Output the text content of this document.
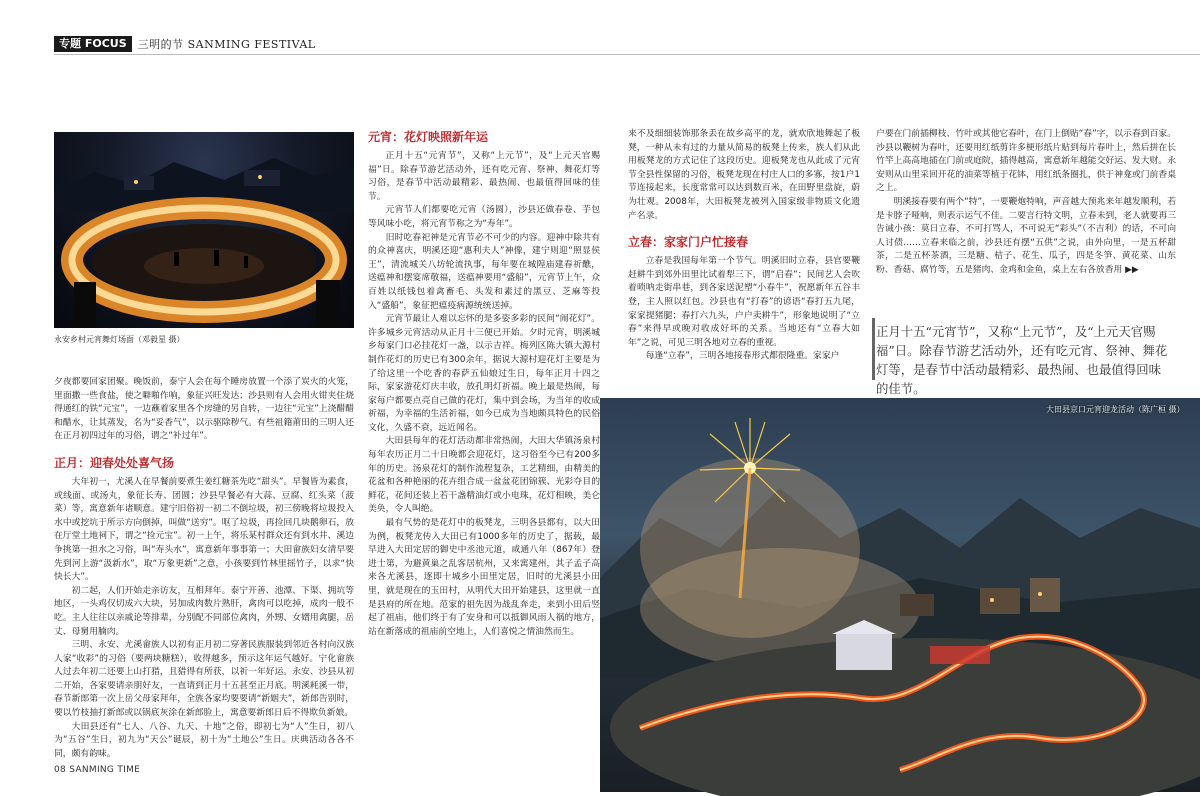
专题 FOCUS	三明的节 SANMING FESTIVAL
永安乡村元宵舞灯场面（邓毅星 摄）

夕夜都要回家团聚。晚饭前，泰宁人会在每个睡房放置一个添了炭火的火笼，里面撒一些食盐，使之噼啪作响，象征兴旺发达；沙县则有人会用火钳夹住烧得通红的铁“元宝”，一边蘸着家里各个房缝的另自转，一边往“元宝”上浇醋醋和醋水，让其蒸发，名为“妥香气”，以示驱除秽气。有些祖籍莆田的三明人还在正月初四过年的习俗，谓之“补过年”。

正月：迎春处处喜气扬

大年初一，尤溪人在早餐前要煮生姜红糖茶先吃“甜头”。早餐皆为素食，或线面、或汤丸，象征长寿、团圆；沙县早餐必有大蒜、豆腐、红头菜（菠菜）等，寓意新年诸顺意。建宁旧俗初一初二不倒垃圾，初三傍晚将垃圾投入水中或挖坑于所示方向倒掉，叫做“送穷”。呕了垃圾，再捡回几块鹅卵石，放在厅堂土地祠下，谓之“捡元宝”。初一上午，将乐某村群众还有到水井、溪边争挑第一担水之习俗，叫“寿头水”，寓意新年事事第一；大田畲族妇女清早要先到河上游“汲新水”，取“万象更新”之意，小孩要到竹林里摇竹子，以求“快快长大”。

初二起，人们开始走亲访友，互相拜年。泰宁开善、池潭、下渠、拥坑等地区，一头鸡仅切成六大块，另加成肉数片熟肝，禽肉可以吃掉，成肉一般不吃。主人往往以亲戚论等排辈，分别配不同部位禽肉，外甥、女婿用禽腿，岳丈、母舅用腩肉。

三明、永安、尤溪畲族人以初有正月初二穿著民族服装到邻近各村向汉族人家“收彩”的习俗（要两块糖糕），收得越多，预示这年运气越好。宁化畲族人过去年初二还要上山打猎，且猎得有所获，以祈一年好运。永安、沙县从初二开始，各家要请亲朋好友，一直请到正月十五甚至正月底。明溪耗溪一带，春节新郎第一次上岳父母家拜年，全族各家均要要请“新姻夫”，新郎告别时，要以竹枝抽打新郎或以锅底灰涂在新郎脸上，寓意要新郎日后不得欺负新娘。

大田县还有“七人、八谷、九天、十地”之俗，即初七为“人”生日，初八为“五谷”生日，初九为“天公”诞辰，初十为“土地公”生日。庆典活动各各不同，颇有韵味。

元宵：花灯映照新年运

正月十五“元宵节”，又称“上元节”，及“上元天官赐福”日。除春节游艺活动外，还有吃元宵、祭神、舞花灯等习俗，是春节中活动最精彩、最热闹、也最值得回味的佳节。

元宵节人们都要吃元宵（汤圆），沙县还做春卷、芋包等风味小吃，将元宵节称之为“寿年”。

旧时吃春祀神是元宵节必不可少的内容。迎神中除共有的众神喜庆，明溪还迎“惠利夫人”神像，建宁则迎“照显侯王”，清流城关八坊轮流执事，每年要在城隍庙建春祈醮，送瘟神和摆宴席敬福，送瘟神要用“盛船”，元宵节上午，众百姓以纸钱包着禽畜毛、头发和素过的黑豆、芝麻等投入“盛船”，象征把瘟疫病源统统送掉。

元宵节最让人难以忘怀的是多姿多彩的民间“闹花灯”。许多城乡元宵活动从正月十三便已开始。夕时元宵，明溪城乡每家门口必挂花灯一盏，以示吉祥。梅列区陈大镇大源村制作花灯的历史已有300余年，据说大源村迎花灯主要是为了给这里一个吃香的春萨五仙娘过生日，每年正月十四之际，家家游花灯庆丰收，放孔明灯祈福。晚上最是热闹，每家每户都要点亮自己做的花灯，集中到会场，为当年的收成祈福，为幸福的生活祈福，如今已成为当地颇具特色的民俗文化，久盛不衰，远近闻名。

大田县每年的花灯活动都非常热闹，大田大华镇汤泉村每年农历正月二十日晚都会迎花灯，这习俗至今已有200多年的历史。汤泉花灯的制作流程复杂，工艺精细，由精美的花盆和各种艳丽的花卉组合成一盆盆花团锦簇、光彩夺目的鲜花，花间还装上若干盏精油灯或小电珠，花灯相映，美仑美奂，令人叫绝。

最有气势的是花灯中的板凳龙，三明各县都有，以大田为例，板凳龙传入大田已有1000多年的历史了，据载，最早进入大田定居的御史中丞池元道，咸通八年（867年）登进士第，为避黄巢之乱客居杭州，又来寓建州，其子孟子高来各尤溪县，逐即十城乡小田里定居，旧时的尤溪县小田里，就是现在的玉田村，从明代大田开始建县，这里就一直是县府的所在地。范家的祖先因为战乱奔走，来到小田后竖起了祖庙，他们终于有了安身和可以抵御风雨人祸的地方，站在新落成的祖庙前空地上，人们喜悦之情油然而生。

来不及细细装饰那条丢在故乡高平的龙，就欢欣地舞起了板凳，一种从未有过的力量从简易的板凳上传来，族人们从此用板凳龙的方式记住了这段历史。迎板凳龙也从此成了元宵节全县性保留的习俗，板凳龙现在村庄人口的多寡，按1户1节连接起来，长度常常可以达到数百米，在田野里盘旋，蔚为壮观。2008年，大田板凳龙被列入国家级非物质文化遗产名录。

立春：家家门户忙接春

立春是我国每年第一个节气。明溪旧时立春，县官要鞭赶耕牛到郊外田里比试着犁三下，谓“启春”；民间艺人会吹着唢呐走街串巷，到各家送泥塑“小春牛”，祝愿新年五谷丰登，主人照以红包。沙县也有“打春”的谚语“春打五九尾，家家提猪腿；春打六九头，户户卖耕牛”，形象地说明了“立春”来得早或晚对收成好坏的关系。当地还有“立春大如年”之说，可见三明各地对立春的重视。

每逢“立春”，三明各地接春形式都很隆重。家家户

户要在门前插柳枝、竹叶或其他它春叶，在门上倒贴“春”字，以示春到百家。沙县以鞭树为春叶，还要用红纸剪许多梗形纸片贴到每片春叶上，然后拼在长竹竿上高高地插在门前或庭院，插得越高，寓意新年越能交好运、发大财。永安则从山里采回开花的油菜等植于花钵，用红纸条圈扎，供于神龛或门前香桌之上。

明溪接春要有两个“特”，一要鞭炮特响，声音越大预兆来年越发顺利，若是卡脖子哑响，则表示运气不佳。二要言行特文明，立春未到，老人就要再三告诫小孩：莫日立春，不可打骂人，不可说无“彩头”（不吉利）的话，不可向人讨债……立春来临之前，沙县还有摆“五供”之说，由外向里，一是五杯甜茶，二是五杯茶酒，三是糖、桔子、花生、瓜子，四是冬笋、黄花菜、山东粉、香菇、腐竹等，五是猪肉、金鸡和金鱼，桌上左右各放香用 ▶▶

正月十五“元宵节”，又称“上元节”，及“上元天官赐福”日。除春节游艺活动外，还有吃元宵、祭神、舞花灯等，是春节中活动最精彩、最热闹、也最值得回味的佳节。
大田县京口元宵迎龙活动（陈广桓 摄）
08 SANMING TIME
